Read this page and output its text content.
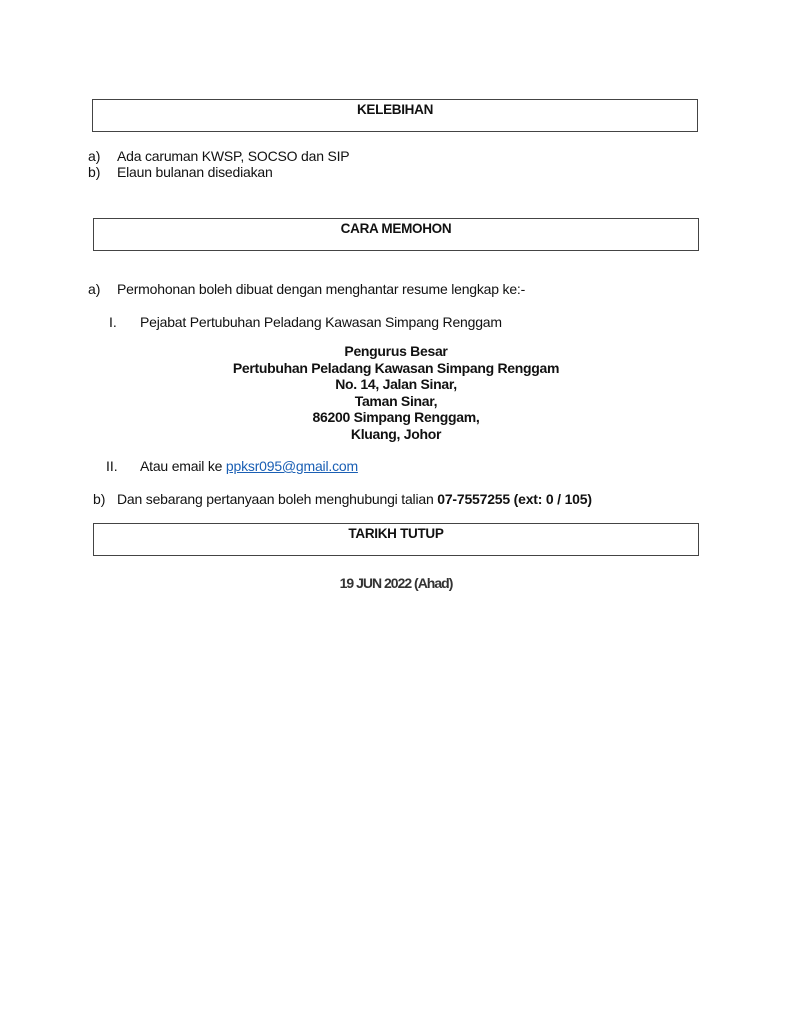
KELEBIHAN
a) Ada caruman KWSP, SOCSO dan SIP
b) Elaun bulanan disediakan
CARA MEMOHON
a) Permohonan boleh dibuat dengan menghantar resume lengkap ke:-
I. Pejabat Pertubuhan Peladang Kawasan Simpang Renggam
Pengurus Besar
Pertubuhan Peladang Kawasan Simpang Renggam
No. 14, Jalan Sinar,
Taman Sinar,
86200 Simpang Renggam,
Kluang, Johor
II. Atau email ke ppksr095@gmail.com
b) Dan sebarang pertanyaan boleh menghubungi talian 07-7557255 (ext: 0 / 105)
TARIKH TUTUP
19 JUN 2022 (Ahad)
